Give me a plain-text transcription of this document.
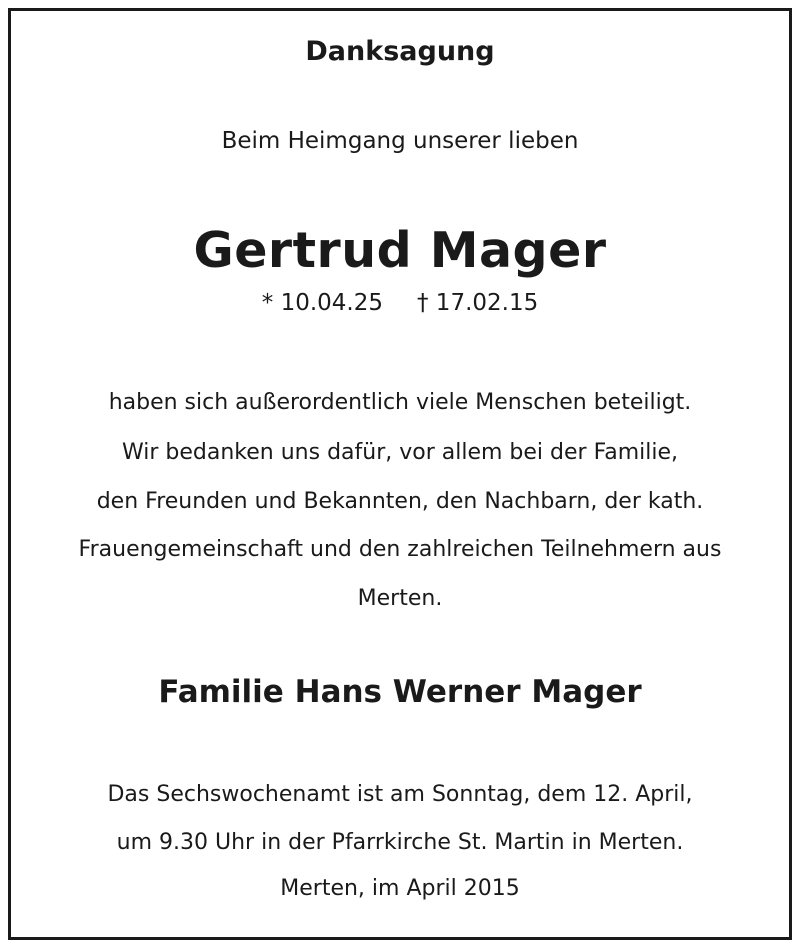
Danksagung
Beim Heimgang unserer lieben
Gertrud Mager
* 10.04.25 † 17.02.15
haben sich außerordentlich viele Menschen beteiligt.
Wir bedanken uns dafür, vor allem bei der Familie,
den Freunden und Bekannten, den Nachbarn, der kath.
Frauengemeinschaft und den zahlreichen Teilnehmern aus
Merten.
Familie Hans Werner Mager
Das Sechswochenamt ist am Sonntag, dem 12. April,
um 9.30 Uhr in der Pfarrkirche St. Martin in Merten.
Merten, im April 2015
